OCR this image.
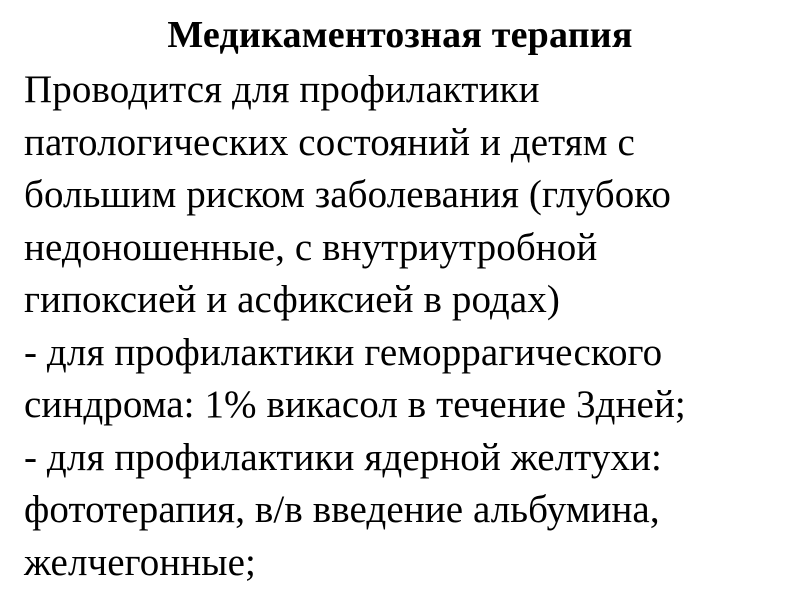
Медикаментозная терапия
Проводится для профилактики
патологических состояний и детям с
большим риском заболевания (глубоко
недоношенные, с внутриутробной
гипоксией и асфиксией в родах)
- для профилактики геморрагического
синдрома: 1% викасол в течение 3дней;
- для профилактики ядерной желтухи:
фототерапия, в/в введение альбумина,
желчегонные;
